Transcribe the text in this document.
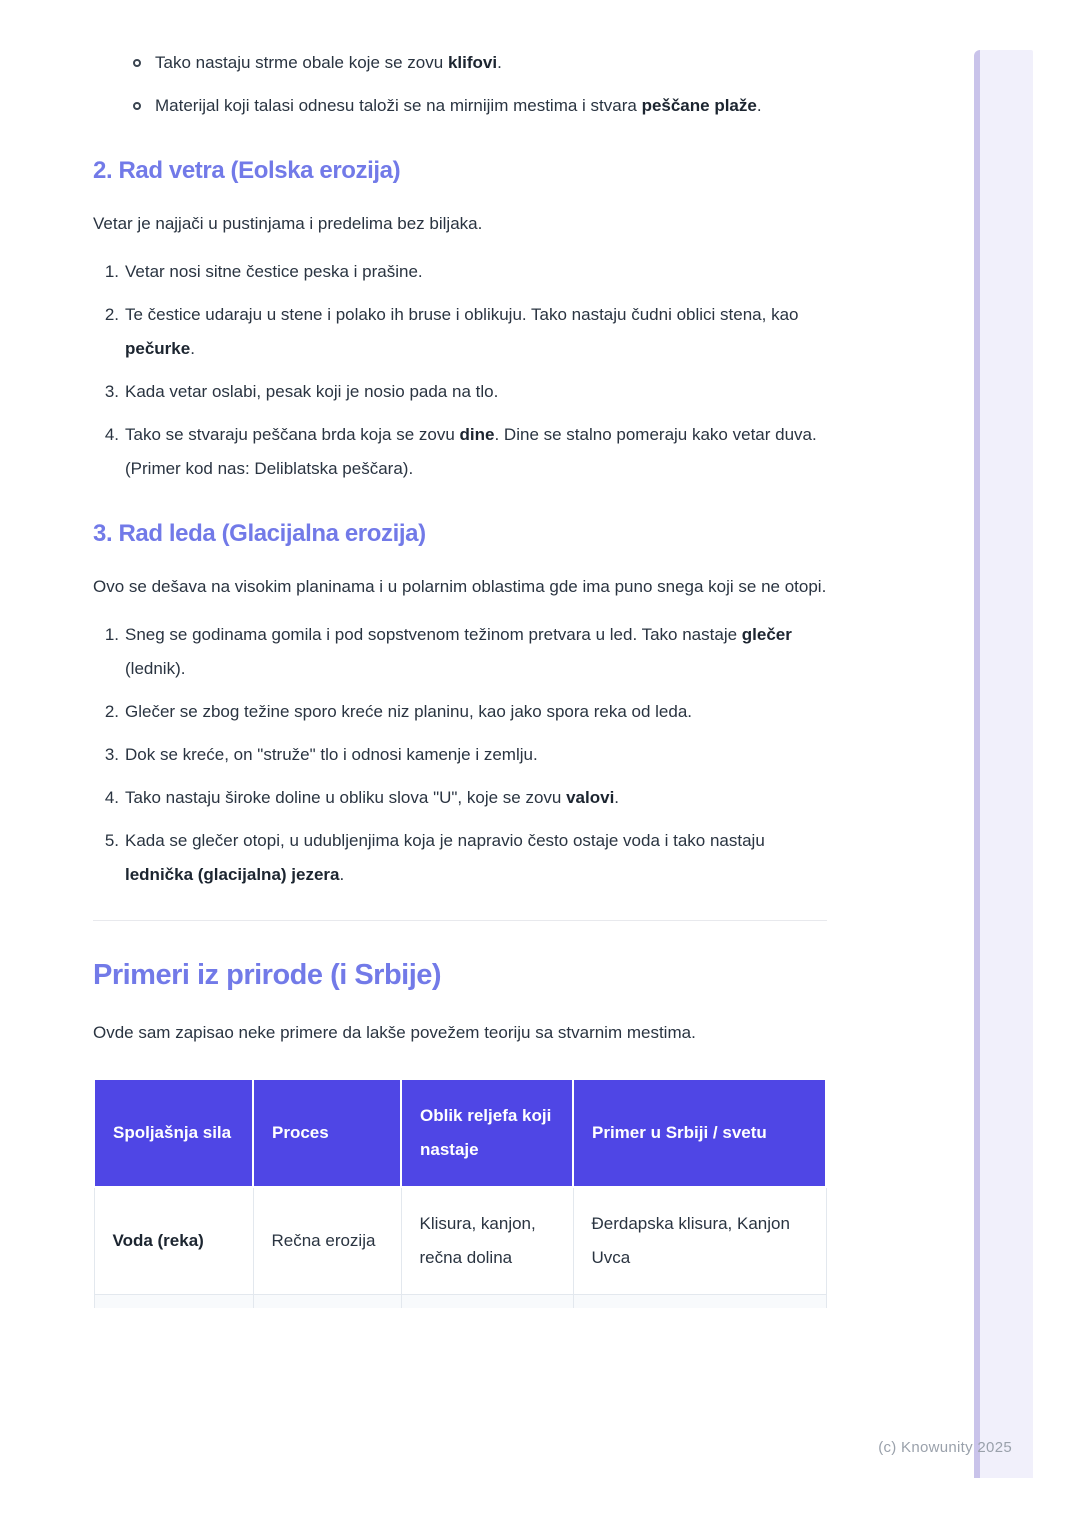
Tako nastaju strme obale koje se zovu klifovi.
Materijal koji talasi odnesu taloži se na mirnijim mestima i stvara peščane plaže.
2. Rad vetra (Eolska erozija)

Vetar je najjači u pustinjama i predelima bez biljaka.

1. Vetar nosi sitne čestice peska i prašine.
2. Te čestice udaraju u stene i polako ih bruse i oblikuju. Tako nastaju čudni oblici stena, kao pečurke.
3. Kada vetar oslabi, pesak koji je nosio pada na tlo.
4. Tako se stvaraju peščana brda koja se zovu dine. Dine se stalno pomeraju kako vetar duva. (Primer kod nas: Deliblatska peščara).
3. Rad leda (Glacijalna erozija)

Ovo se dešava na visokim planinama i u polarnim oblastima gde ima puno snega koji se ne otopi.

1. Sneg se godinama gomila i pod sopstvenom težinom pretvara u led. Tako nastaje glečer (lednik).
2. Glečer se zbog težine sporo kreće niz planinu, kao jako spora reka od leda.
3. Dok se kreće, on "struže" tlo i odnosi kamenje i zemlju.
4. Tako nastaju široke doline u obliku slova "U", koje se zovu valovi.
5. Kada se glečer otopi, u udubljenjima koja je napravio često ostaje voda i tako nastaju lednička (glacijalna) jezera.
Primeri iz prirode (i Srbije)

Ovde sam zapisao neke primere da lakše povežem teoriju sa stvarnim mestima.

Spoljašnja sila	Proces	Oblik reljefa koji nastaje	Primer u Srbiji / svetu
Voda (reka)	Rečna erozija	Klisura, kanjon, rečna dolina	Đerdapska klisura, Kanjon Uvca

(c) Knowunity 2025
